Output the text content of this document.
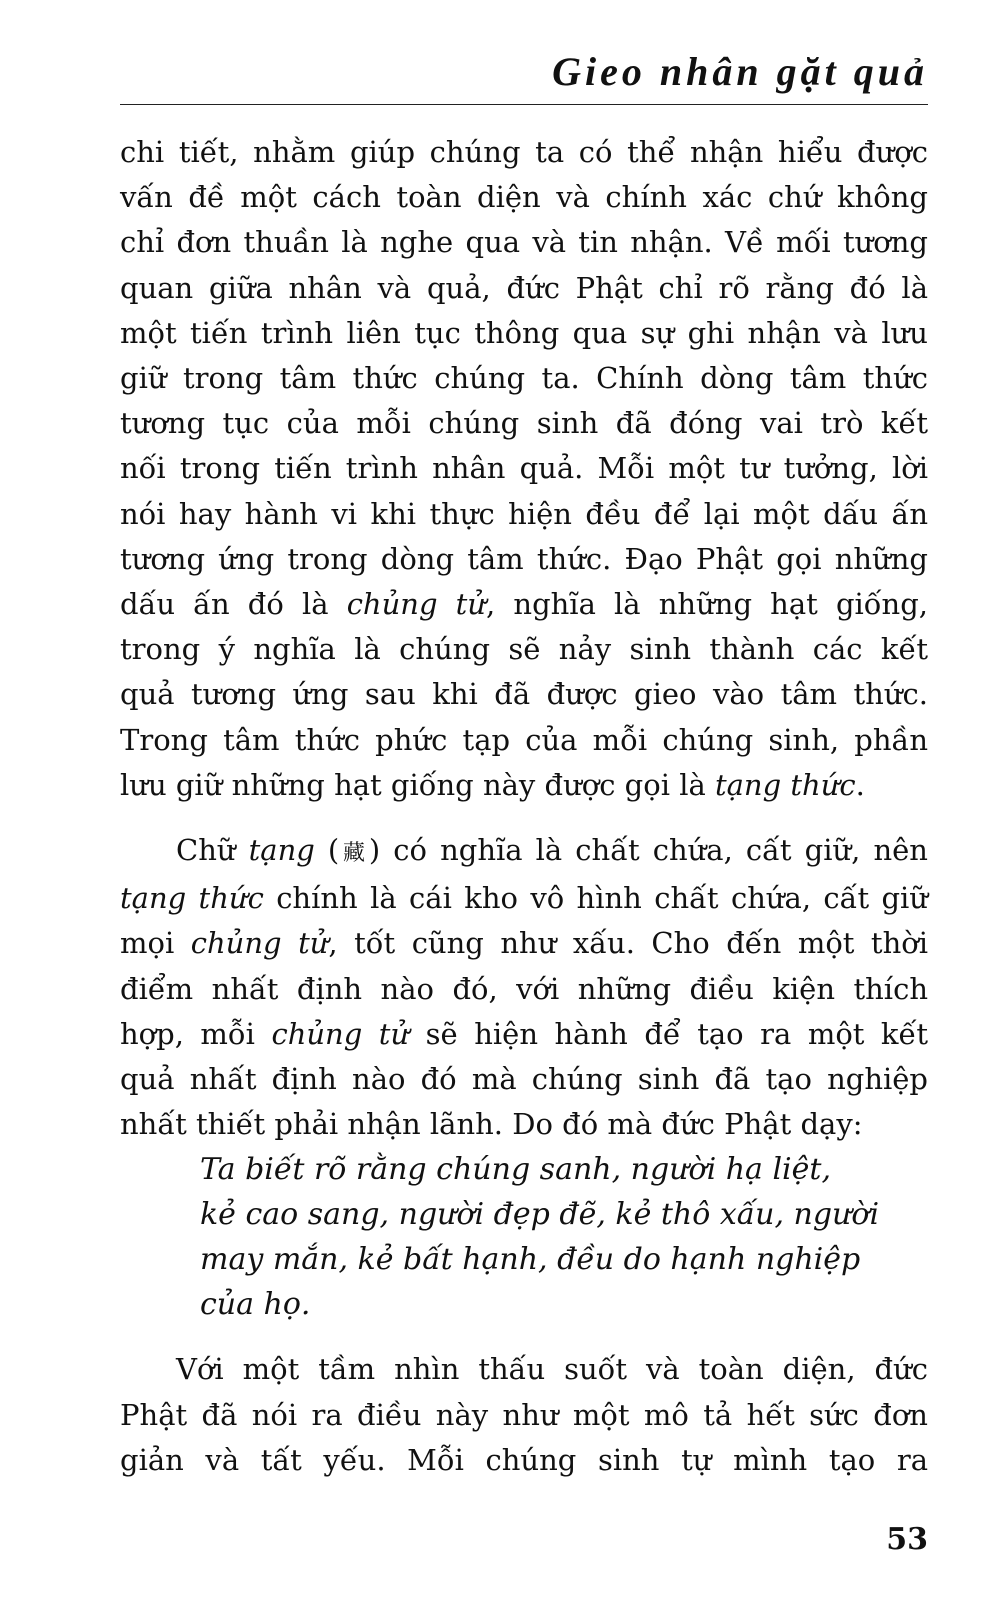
Gieo nhân gặt quả

chi tiết, nhằm giúp chúng ta có thể nhận hiểu được
vấn đề một cách toàn diện và chính xác chứ không
chỉ đơn thuần là nghe qua và tin nhận. Về mối tương
quan giữa nhân và quả, đức Phật chỉ rõ rằng đó là
một tiến trình liên tục thông qua sự ghi nhận và lưu
giữ trong tâm thức chúng ta. Chính dòng tâm thức
tương tục của mỗi chúng sinh đã đóng vai trò kết
nối trong tiến trình nhân quả. Mỗi một tư tưởng, lời
nói hay hành vi khi thực hiện đều để lại một dấu ấn
tương ứng trong dòng tâm thức. Đạo Phật gọi những
dấu ấn đó là chủng tử, nghĩa là những hạt giống,
trong ý nghĩa là chúng sẽ nảy sinh thành các kết
quả tương ứng sau khi đã được gieo vào tâm thức.
Trong tâm thức phức tạp của mỗi chúng sinh, phần
lưu giữ những hạt giống này được gọi là tạng thức.

Chữ tạng (藏) có nghĩa là chất chứa, cất giữ, nên
tạng thức chính là cái kho vô hình chất chứa, cất giữ
mọi chủng tử, tốt cũng như xấu. Cho đến một thời
điểm nhất định nào đó, với những điều kiện thích
hợp, mỗi chủng tử sẽ hiện hành để tạo ra một kết
quả nhất định nào đó mà chúng sinh đã tạo nghiệp
nhất thiết phải nhận lãnh. Do đó mà đức Phật dạy:

Ta biết rõ rằng chúng sanh, người hạ liệt,
kẻ cao sang, người đẹp đẽ, kẻ thô xấu, người
may mắn, kẻ bất hạnh, đều do hạnh nghiệp
của họ.

Với một tầm nhìn thấu suốt và toàn diện, đức
Phật đã nói ra điều này như một mô tả hết sức đơn
giản và tất yếu. Mỗi chúng sinh tự mình tạo ra

53
